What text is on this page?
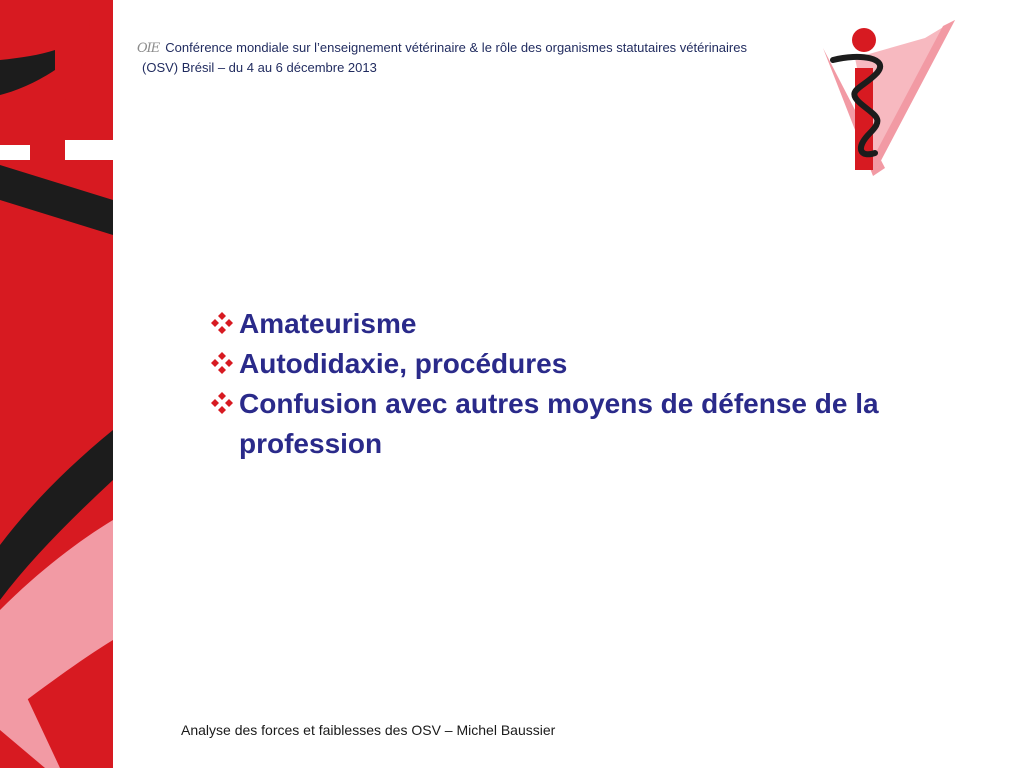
OIE Conférence mondiale sur l’enseignement vétérinaire & le rôle des organismes statutaires vétérinaires
(OSV) Brésil – du 4 au 6 décembre 2013
Amateurisme
Autodidaxie, procédures
Confusion avec autres moyens de défense de la profession
Analyse des forces et faiblesses des OSV – Michel Baussier
